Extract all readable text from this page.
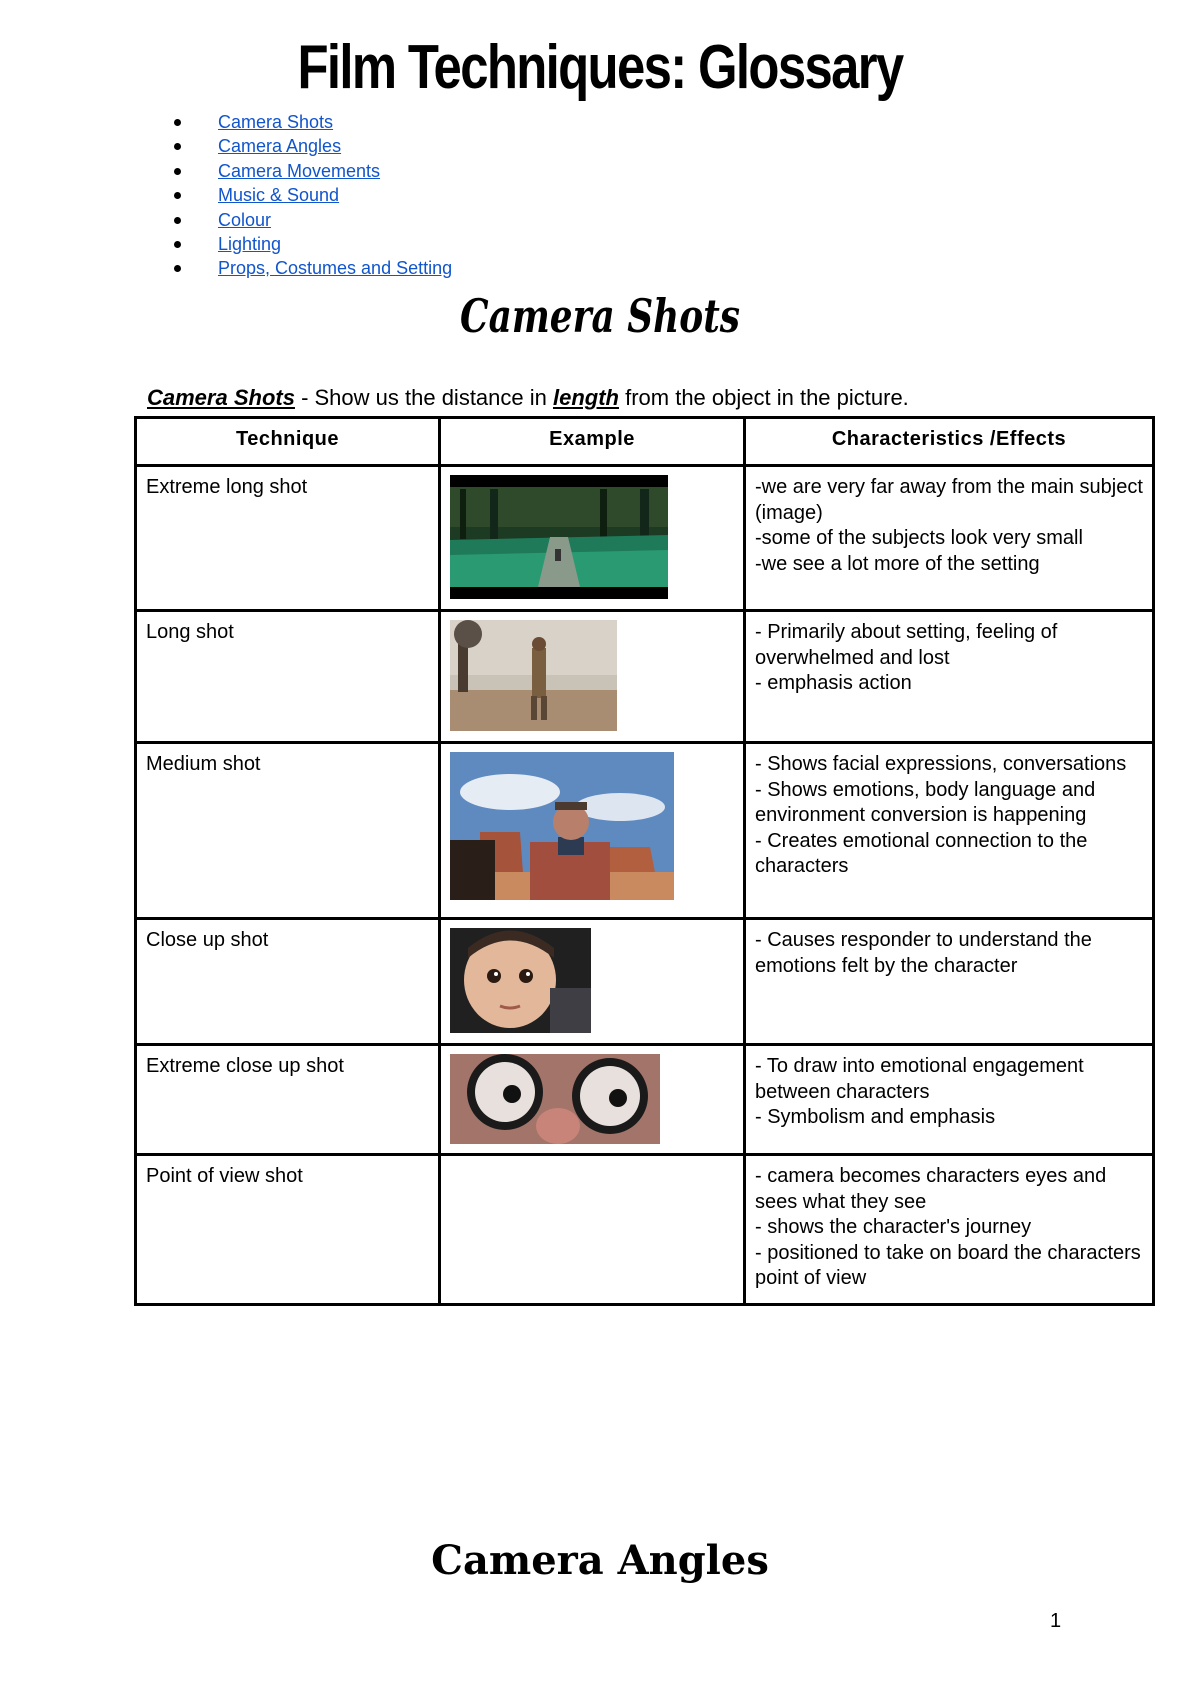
Film Techniques: Glossary
Camera Shots
Camera Angles
Camera Movements
Music & Sound
Colour
Lighting
Props, Costumes and Setting
Camera Shots

Camera Shots - Show us the distance in length from the object in the picture.

Technique	Example	Characteristics /Effects
Extreme long shot		-we are very far away from the main subject (image)
-some of the subjects look very small
-we see a lot more of the setting

Long shot		- Primarily about setting, feeling of overwhelmed and lost
- emphasis action

Medium shot		- Shows facial expressions, conversations
- Shows emotions, body language and environment conversion is happening
- Creates emotional connection to the characters

Close up shot		- Causes responder to understand the emotions felt by the character

Extreme close up shot		- To draw into emotional engagement between characters
- Symbolism and emphasis

Point of view shot		- camera becomes characters eyes and sees what they see
- shows the character's journey
- positioned to take on board the characters point of view
Camera Angles
1
